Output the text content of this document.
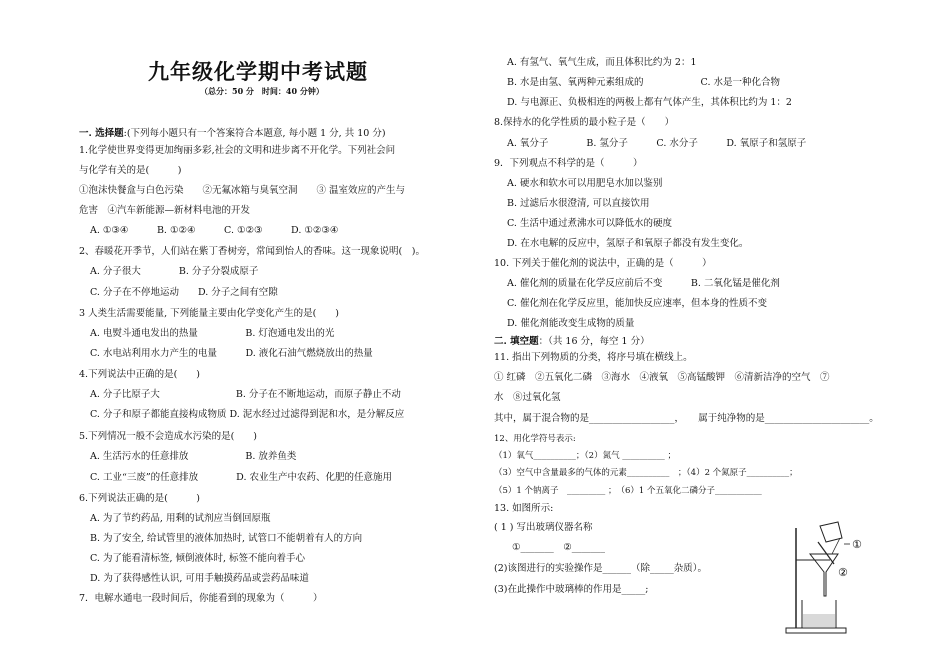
九年级化学期中考试题
（总分：50 分　时间：40 分钟）
一. 选择题:(下列每小题只有一个答案符合本题意, 每小题 1 分, 共 10 分)
1.化学使世界变得更加绚丽多彩,社会的文明和进步离不开化学。下列社会问
与化学有关的是(　　　)
①泡沫快餐盒与白色污染　　②无氟冰箱与臭氧空洞　　③ 温室效应的产生与
危害　④汽车新能源—新材料电池的开发
A. ①③④　　　B. ①②④　　　C. ①②③　　　D. ①②③④
2、春暖花开季节，人们站在紫丁香树旁，常闻到怡人的香味。这一现象说明(　)。
A. 分子很大　　　　B. 分子分裂成原子
C. 分子在不停地运动　　D. 分子之间有空隙
3 人类生活需要能量, 下列能量主要由化学变化产生的是(　　)
A. 电熨斗通电发出的热量　　　　　B. 灯泡通电发出的光
C. 水电站利用水力产生的电量　　　D. 液化石油气燃烧放出的热量
4.下列说法中正确的是(　　)
A. 分子比原子大　　　　　　　　B. 分子在不断地运动，而原子静止不动
C. 分子和原子都能直接构成物质 D. 泥水经过过滤得到泥和水，是分解反应
5.下列情况一般不会造成水污染的是(　　)
A. 生活污水的任意排放　　　　　　B. 放养鱼类
C. 工业“三废”的任意排放　　　　D. 农业生产中农药、化肥的任意施用
6.下列说法正确的是(　　　)
A. 为了节约药品, 用剩的试剂应当倒回原瓶
B. 为了安全, 给试管里的液体加热时, 试管口不能朝着有人的方向
C. 为了能看清标签, 倾倒液体时, 标签不能向着手心
D. 为了获得感性认识, 可用手触摸药品或尝药品味道
7．电解水通电一段时间后，你能看到的现象为（　　　）
A. 有氢气、氧气生成，而且体积比约为 2：1
B. 水是由氢、氧两种元素组成的　　　　　　C. 水是一种化合物
D. 与电源正、负极相连的两极上都有气体产生，其体积比约为 1：2
8.保持水的化学性质的最小粒子是（　　）
A. 氧分子　　　　B. 氢分子　　　C. 水分子　　　D. 氧原子和氢原子
9．下列观点不科学的是（　　　）
A. 硬水和软水可以用肥皂水加以鉴别
B. 过滤后水很澄清, 可以直接饮用
C. 生活中通过煮沸水可以降低水的硬度
D. 在水电解的反应中，氢原子和氧原子都没有发生变化。
10. 下列关于催化剂的说法中，正确的是（　　　）
A. 催化剂的质量在化学反应前后不变　　　B. 二氧化锰是催化剂
C. 催化剂在化学反应里，能加快反应速率，但本身的性质不变
D. 催化剂能改变生成物的质量
二. 填空题：（共 16 分，每空 1 分）
11. 指出下列物质的分类，将序号填在横线上。
① 红磷　②五氧化二磷　③海水　④液氧　⑤高锰酸钾　⑥清新洁净的空气　⑦
水　⑧过氧化氢
其中，属于混合物的是__________________，　　属于纯净物的是______________________。
12、用化学符号表示:
（1）氧气__________；（2）氮气 __________ ；
（3）空气中含量最多的气体的元素__________　；（4）2 个氮原子__________；
（5）1 个钠离子　_________ ；　（6）1 个五氧化二磷分子___________
13. 如图所示:
( 1 ) 写出玻璃仪器名称
①_______　②_______
(2)该图进行的实验操作是______（除_____杂质）。
(3)在此操作中玻璃棒的作用是_____;
①
②
